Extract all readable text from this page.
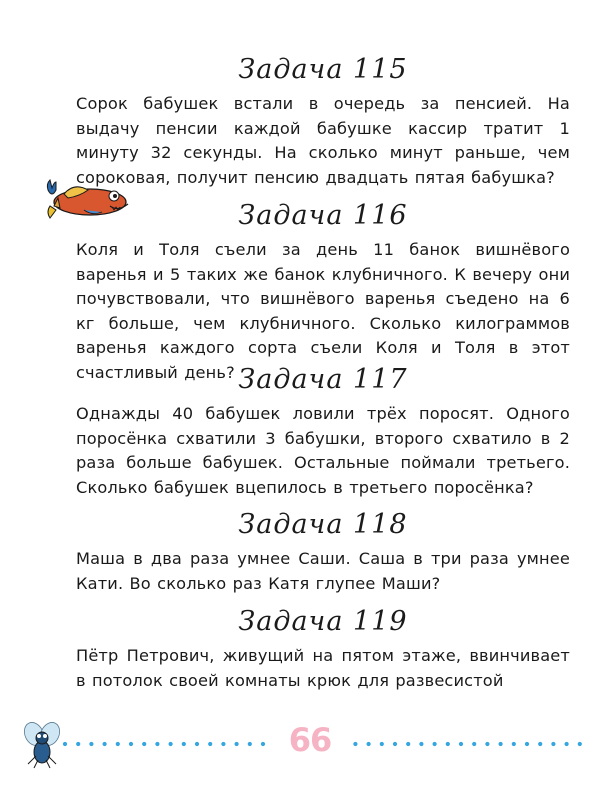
Задача 115

Сорок бабушек встали в очередь за пенсией. На выдачу пенсии каждой бабушке кассир тратит 1 минуту 32 секунды. На сколько минут раньше, чем сороковая, получит пенсию двадцать пятая бабушка?

Задача 116

Коля и Толя съели за день 11 банок вишнёвого варенья и 5 таких же банок клубничного. К вечеру они почувствовали, что вишнёвого варенья съедено на 6 кг больше, чем клубничного. Сколько килограммов варенья каждого сорта съели Коля и Толя в этот счастливый день? Задача 117

Однажды 40 бабушек ловили трёх поросят. Одного поросёнка схватили 3 бабушки, второго схватило в 2 раза больше бабушек. Остальные поймали третьего. Сколько бабушек вцепилось в третьего поросёнка?

Задача 118

Маша в два раза умнее Саши. Саша в три раза умнее Кати. Во сколько раз Катя глупее Маши?

Задача 119

Пётр Петрович, живущий на пятом этаже, ввинчивает в потолок своей комнаты крюк для развесистой

66
